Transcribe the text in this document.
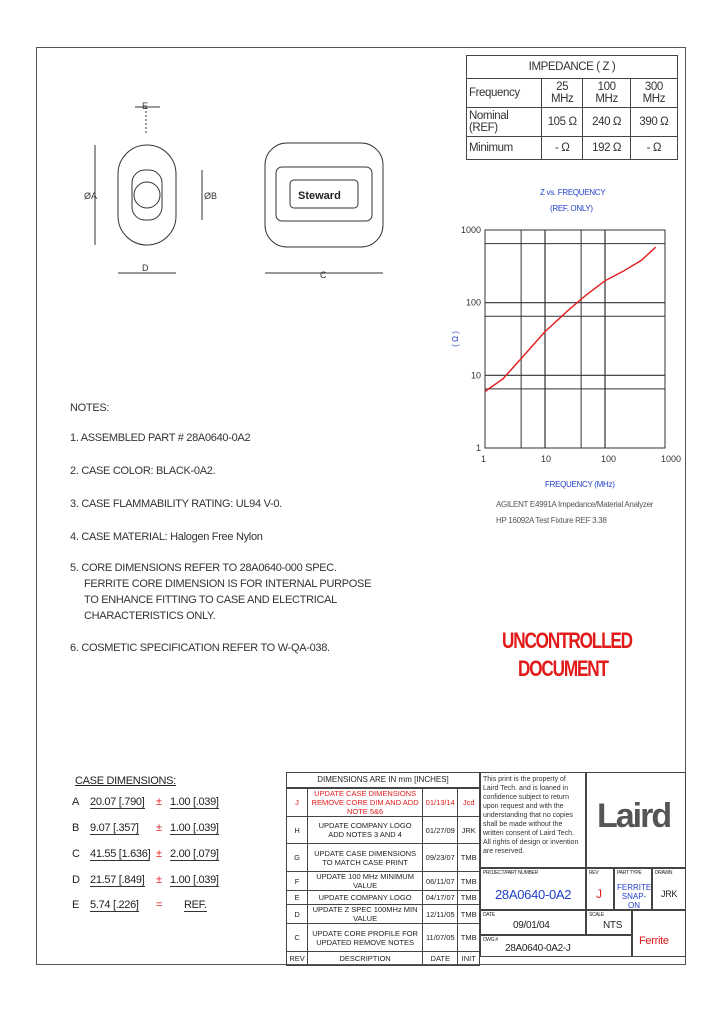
IMPEDANCE ( Z )			
Frequency	25 MHz	100 MHz	300 MHz
Nominal (REF)	105 Ω	240 Ω	390 Ω
Minimum	- Ω	192 Ω	- Ω
E
ØA	ØB
D
Steward
C
Z vs. FREQUENCY
(REF. ONLY)
1	10	100	1000
1
10
100
1000
( Ω )
FREQUENCY (MHz)
AGILENT E4991A Impedance/Material Analyzer
HP 16092A Test Fixture REF 3.38
NOTES:
1. ASSEMBLED PART # 28A0640-0A2
2. CASE COLOR: BLACK-0A2.
3. CASE FLAMMABILITY RATING: UL94 V-0.
4. CASE MATERIAL: Halogen Free Nylon
5. CORE DIMENSIONS REFER TO 28A0640-000 SPEC.
FERRITE CORE DIMENSION IS FOR INTERNAL PURPOSE
TO ENHANCE FITTING TO CASE AND ELECTRICAL
CHARACTERISTICS ONLY.
6. COSMETIC SPECIFICATION REFER TO W-QA-038.	UNCONTROLLED
DOCUMENT
CASE DIMENSIONS:
A 20.07 [.790] ± 1.00 [.039]
B 9.07 [.357] ± 1.00 [.039]
C 41.55 [1.636] ± 2.00 [.079]
D 21.57 [.849] ± 1.00 [.039]
E 5.74 [.226] = REF.
DIMENSIONS ARE IN mm [INCHES]
J	UPDATE CASE DIMENSIONS REMOVE CORE DIM AND ADD NOTE 5&6	01/13/14	Jcd
H	UPDATE COMPANY LOGO ADD NOTES 3 AND 4	01/27/09	JRK
G	UPDATE CASE DIMENSIONS TO MATCH CASE PRINT	09/23/07	TMB
F	UPDATE 100 MHz MINIMUM VALUE	06/11/07	TMB
E	UPDATE COMPANY LOGO	04/17/07	TMB
D	UPDATE Z SPEC 100MHz MIN VALUE	12/11/05	TMB
C	UPDATE CORE PROFILE FOR UPDATED REMOVE NOTES	11/07/05	TMB
REV	DESCRIPTION	DATE	INIT
This print is the property of Laird Tech. and is loaned in confidence subject to return upon request and with the understanding that no copies shall be made without the written consent of Laird Tech. All rights of design or invention are reserved.
Laird
PROJECT/PART NUMBER
28A0640-0A2
REV
J
PART TYPE
FERRITE SNAP-ON
DRAWN
JRK
DATE
09/01/04
SCALE
NTS
DWG #
28A0640-0A2-J
Ferrite
